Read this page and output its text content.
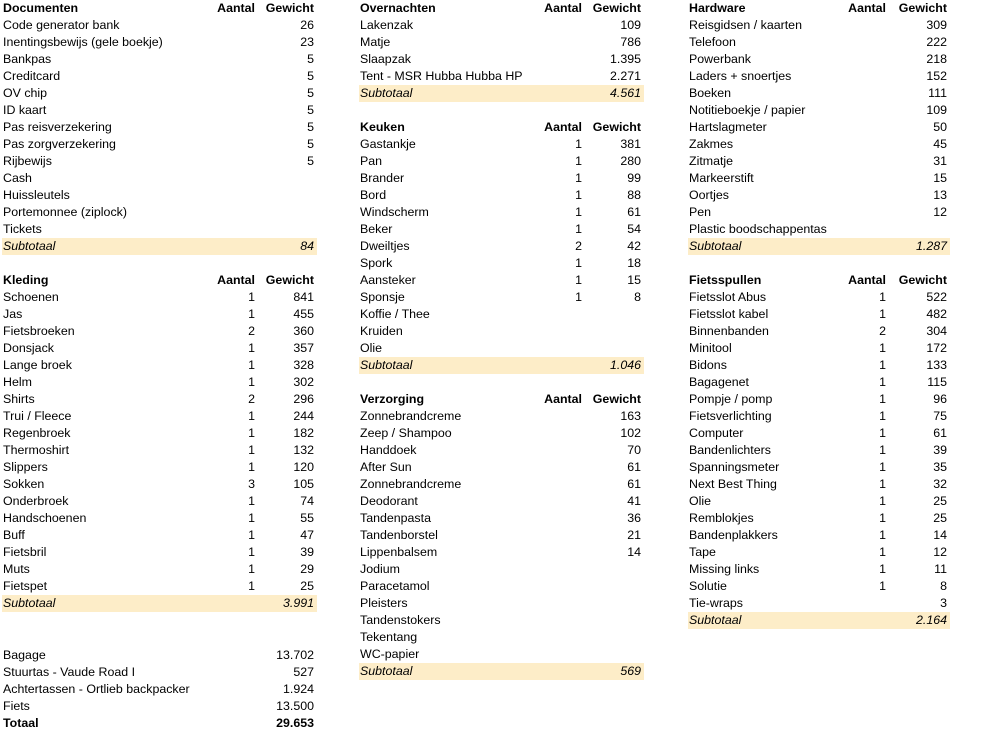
Documenten	Aantal Gewicht
Code generator bank	26
Inentingsbewijs (gele boekje)	23
Bankpas	5
Creditcard	5
OV chip	5
ID kaart	5
Pas reisverzekering	5
Pas zorgverzekering	5
Rijbewijs	5
Cash
Huissleutels
Portemonnee (ziplock)
Tickets
Subtotaal	84
Kleding	Aantal Gewicht
Schoenen	1	841
Jas	1	455
Fietsbroeken	2	360
Donsjack	1	357
Lange broek	1	328
Helm	1	302
Shirts	2	296
Trui / Fleece	1	244
Regenbroek	1	182
Thermoshirt	1	132
Slippers	1	120
Sokken	3	105
Onderbroek	1	74
Handschoenen	1	55
Buff	1	47
Fietsbril	1	39
Muts	1	29
Fietspet	1	25
Subtotaal	3.991
Overnachten	Aantal Gewicht
Lakenzak	109
Matje	786
Slaapzak	1.395
Tent - MSR Hubba Hubba HP	2.271
Subtotaal	4.561
Keuken	Aantal Gewicht
Gastankje	1	381
Pan	1	280
Brander	1	99
Bord	1	88
Windscherm	1	61
Beker	1	54
Dweiltjes	2	42
Spork	1	18
Aansteker	1	15
Sponsje	1	8
Koffie / Thee
Kruiden
Olie
Subtotaal	1.046
Verzorging	Aantal Gewicht
Zonnebrandcreme	163
Zeep / Shampoo	102
Handdoek	70
After Sun	61
Zonnebrandcreme	61
Deodorant	41
Tandenpasta	36
Tandenborstel	21
Lippenbalsem	14
Jodium
Paracetamol
Pleisters
Tandenstokers
Tekentang
WC-papier
Subtotaal	569
Hardware	Aantal Gewicht
Reisgidsen / kaarten	309
Telefoon	222
Powerbank	218
Laders + snoertjes	152
Boeken	111
Notitieboekje / papier	109
Hartslagmeter	50
Zakmes	45
Zitmatje	31
Markeerstift	15
Oortjes	13
Pen	12
Plastic boodschappentas
Subtotaal	1.287
Fietsspullen	Aantal Gewicht
Fietsslot Abus	1	522
Fietsslot kabel	1	482
Binnenbanden	2	304
Minitool	1	172
Bidons	1	133
Bagagenet	1	115
Pompje / pomp	1	96
Fietsverlichting	1	75
Computer	1	61
Bandenlichters	1	39
Spanningsmeter	1	35
Next Best Thing	1	32
Olie	1	25
Remblokjes	1	25
Bandenplakkers	1	14
Tape	1	12
Missing links	1	11
Solutie	1	8
Tie-wraps	3
Subtotaal	2.164
Bagage	13.702
Stuurtas - Vaude Road I	527
Achtertassen - Ortlieb backpacker	1.924
Fiets	13.500
Totaal	29.653
